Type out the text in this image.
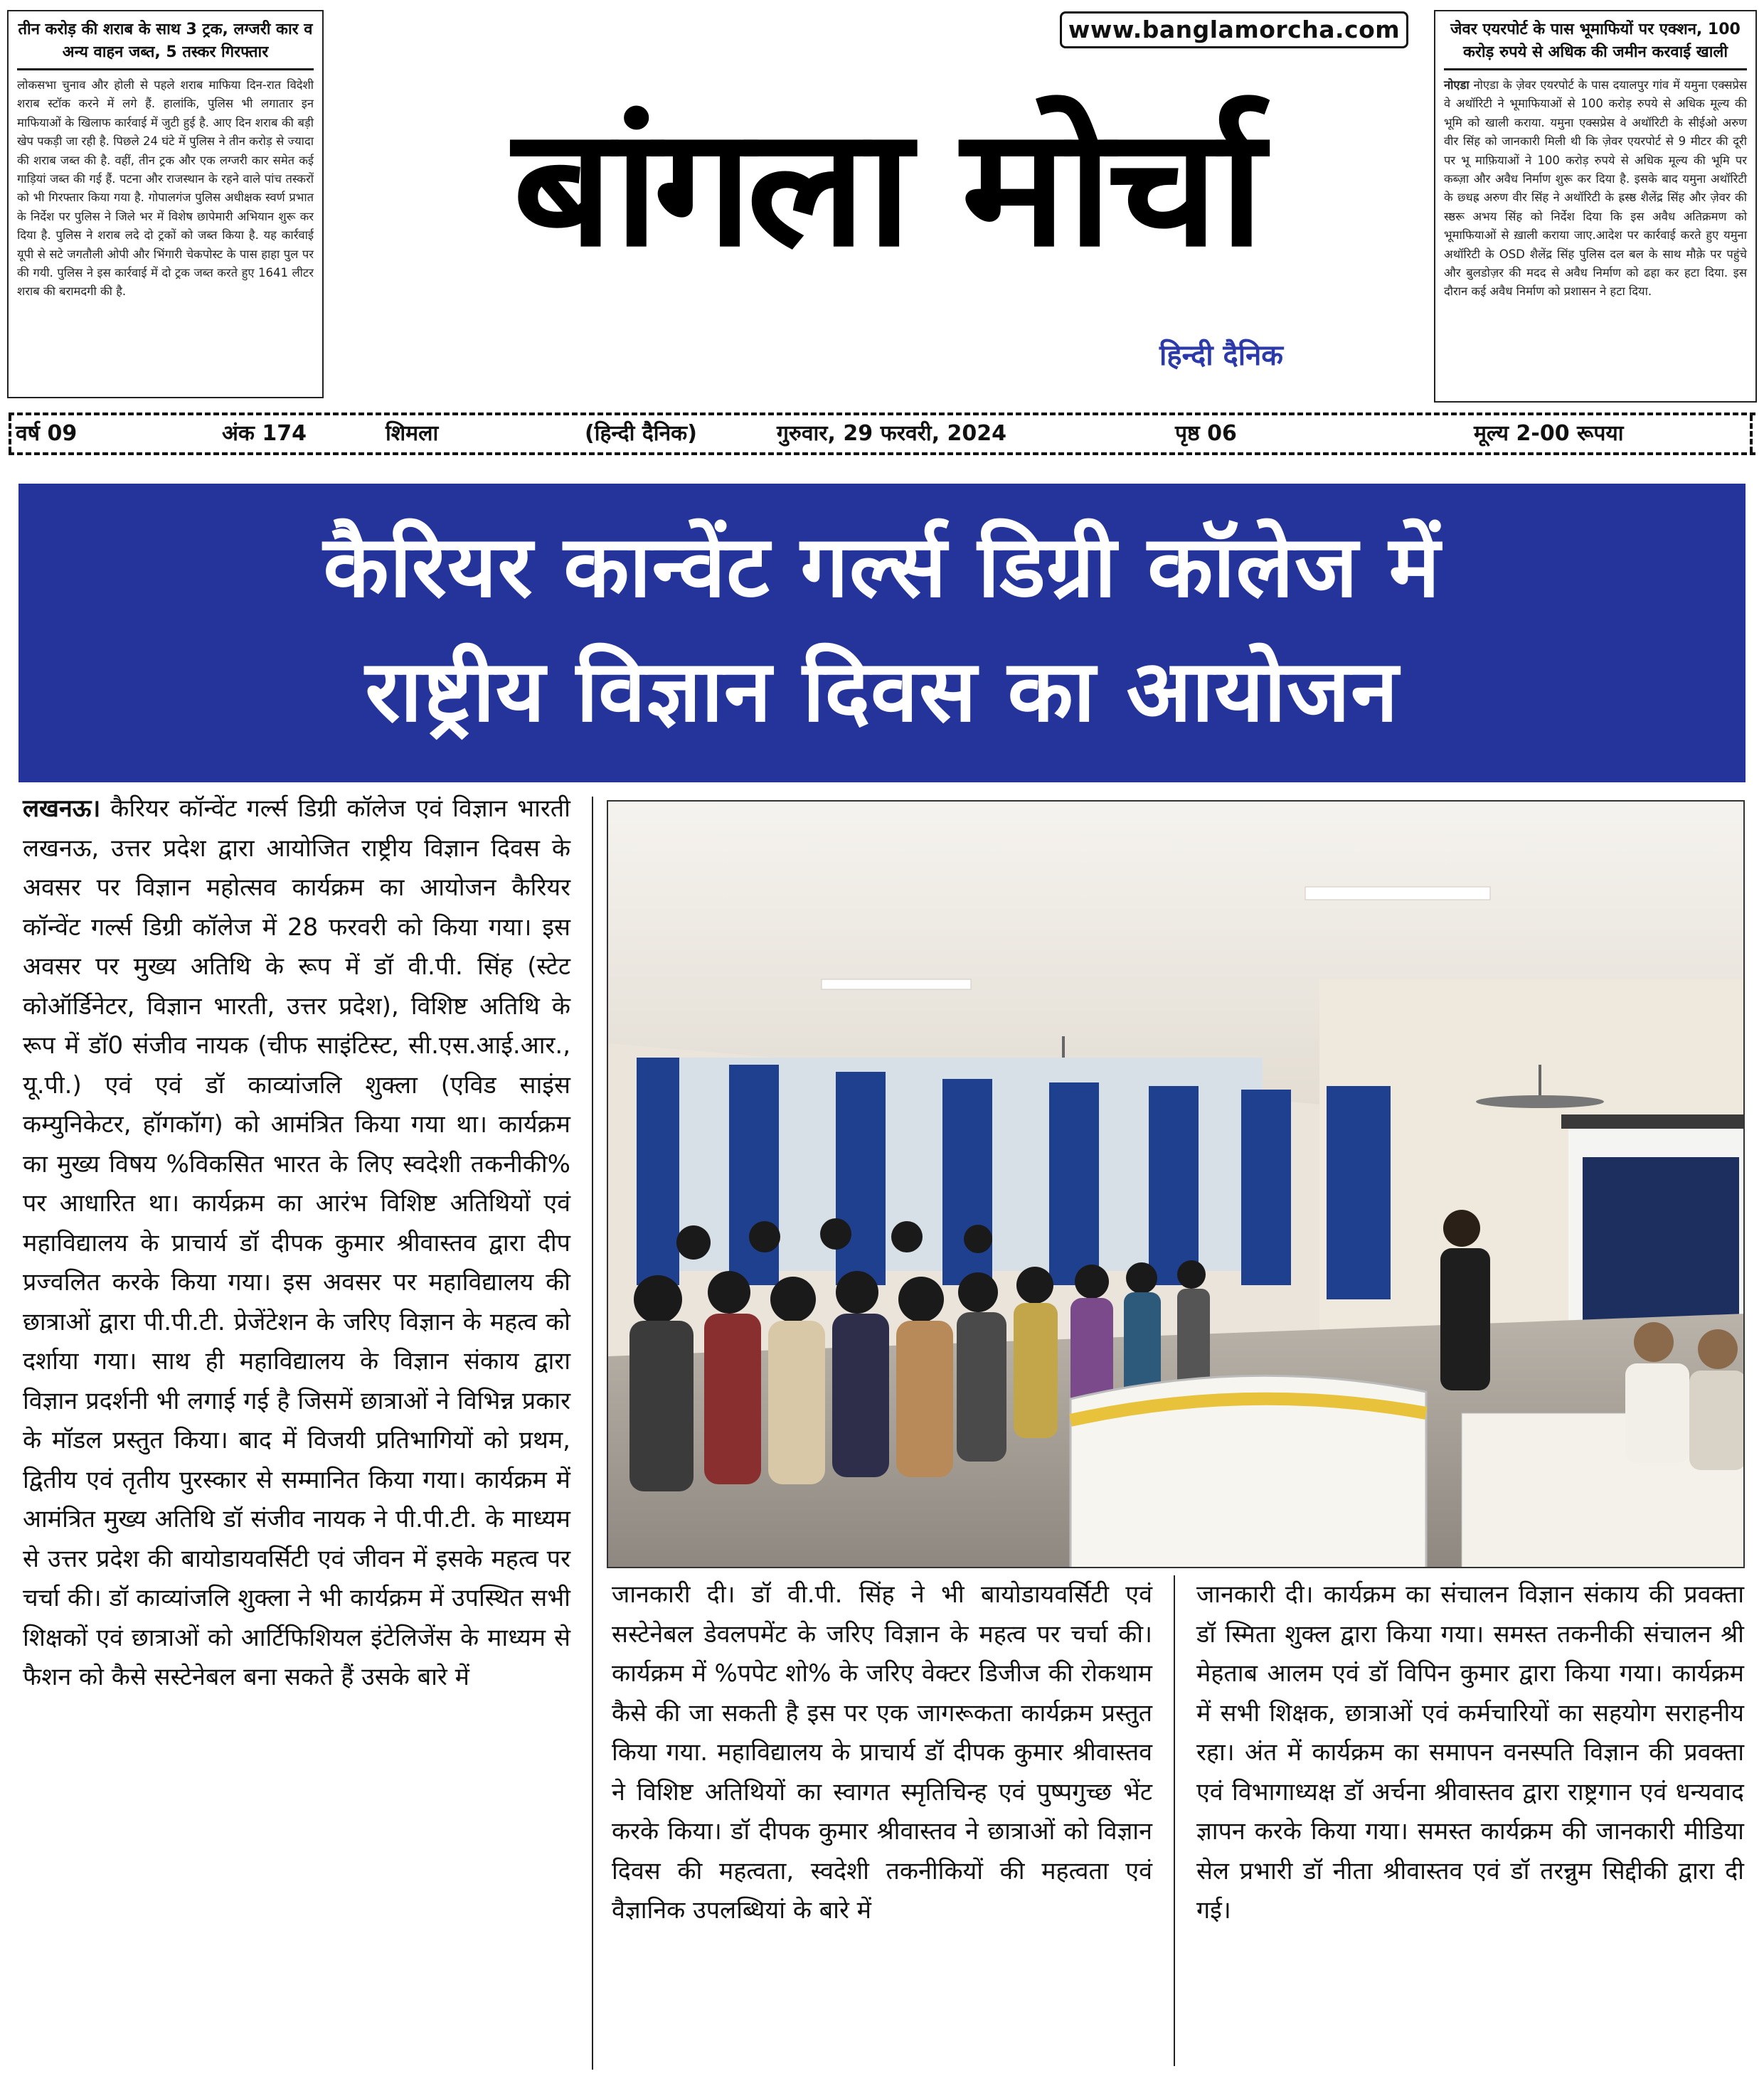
तीन करोड़ की शराब के साथ 3 ट्रक, लग्जरी कार व अन्य वाहन जब्त, 5 तस्कर गिरफ्तार
लोकसभा चुनाव और होली से पहले शराब माफिया दिन-रात विदेशी शराब स्टॉक करने में लगे हैं. हालांकि, पुलिस भी लगातार इन माफियाओं के खिलाफ कार्रवाई में जुटी हुई है. आए दिन शराब की बड़ी खेप पकड़ी जा रही है. पिछले 24 घंटे में पुलिस ने तीन करोड़ से ज्यादा की शराब जब्त की है. वहीं, तीन ट्रक और एक लग्जरी कार समेत कई गाड़ियां जब्त की गई हैं. पटना और राजस्थान के रहने वाले पांच तस्करों को भी गिरफ्तार किया गया है. गोपालगंज पुलिस अधीक्षक स्वर्ण प्रभात के निर्देश पर पुलिस ने जिले भर में विशेष छापेमारी अभियान शुरू कर दिया है. पुलिस ने शराब लदे दो ट्रकों को जब्त किया है. यह कार्रवाई यूपी से सटे जगतौली ओपी और भिंगारी चेकपोस्ट के पास हाहा पुल पर की गयी. पुलिस ने इस कार्रवाई में दो ट्रक जब्त करते हुए 1641 लीटर शराब की बरामदगी की है.
www.banglamorcha.com
बांगला मोर्चा
हिन्दी दैनिक
जेवर एयरपोर्ट के पास भूमाफियों पर एक्शन, 100 करोड़ रुपये से अधिक की जमीन करवाई खाली
नोएडा नोएडा के ज़ेवर एयरपोर्ट के पास दयालपुर गांव में यमुना एक्सप्रेस वे अथॉरिटी ने भूमाफियाओं से 100 करोड़ रुपये से अधिक मूल्य की भूमि को खाली कराया. यमुना एक्सप्रेस वे अथॉरिटी के सीईओ अरुण वीर सिंह को जानकारी मिली थी कि ज़ेवर एयरपोर्ट से 9 मीटर की दूरी पर भू माफ़ियाओं ने 100 करोड़ रुपये से अधिक मूल्य की भूमि पर कब्ज़ा और अवैध निर्माण शुरू कर दिया है. इसके बाद यमुना अथॉरिटी के छ्धह्र अरुण वीर सिंह ने अथॉरिटी के ह्रस्ष्ठ शैलेंद्र सिंह और ज़ेवर की स्ष्ठरू अभय सिंह को निर्देश दिया कि इस अवैध अतिक्रमण को भूमाफियाओं से ख़ाली कराया जाए.आदेश पर कार्रवाई करते हुए यमुना अथॉरिटी के OSD शैलेंद्र सिंह पुलिस दल बल के साथ मौक़े पर पहुंचे और बुलडोज़र की मदद से अवैध निर्माण को ढहा कर हटा दिया. इस दौरान कई अवैध निर्माण को प्रशासन ने हटा दिया.
वर्ष 09	अंक 174	शिमला	(हिन्दी दैनिक)	गुरुवार, 29 फरवरी, 2024	पृष्ठ 06	मूल्य 2-00 रूपया
कैरियर कान्वेंट गर्ल्स डिग्री कॉलेज में
राष्ट्रीय विज्ञान दिवस का आयोजन
लखनऊ। कैरियर कॉन्वेंट गर्ल्स डिग्री कॉलेज एवं विज्ञान भारती लखनऊ, उत्तर प्रदेश द्वारा आयोजित राष्ट्रीय विज्ञान दिवस के अवसर पर विज्ञान महोत्सव कार्यक्रम का आयोजन कैरियर कॉन्वेंट गर्ल्स डिग्री कॉलेज में 28 फरवरी को किया गया। इस अवसर पर मुख्य अतिथि के रूप में डॉ वी.पी. सिंह (स्टेट कोऑर्डिनेटर, विज्ञान भारती, उत्तर प्रदेश), विशिष्ट अतिथि के रूप में डॉ0 संजीव नायक (चीफ साइंटिस्ट, सी.एस.आई.आर., यू.पी.) एवं एवं डॉ काव्यांजलि शुक्ला (एविड साइंस कम्युनिकेटर, हॉगकॉग) को आमंत्रित किया गया था। कार्यक्रम का मुख्य विषय %विकसित भारत के लिए स्वदेशी तकनीकी% पर आधारित था। कार्यक्रम का आरंभ विशिष्ट अतिथियों एवं महाविद्यालय के प्राचार्य डॉ दीपक कुमार श्रीवास्तव द्वारा दीप प्रज्वलित करके किया गया। इस अवसर पर महाविद्यालय की छात्राओं द्वारा पी.पी.टी. प्रेजेंटेशन के जरिए विज्ञान के महत्व को दर्शाया गया। साथ ही महाविद्यालय के विज्ञान संकाय द्वारा विज्ञान प्रदर्शनी भी लगाई गई है जिसमें छात्राओं ने विभिन्न प्रकार के मॉडल प्रस्तुत किया। बाद में विजयी प्रतिभागियों को प्रथम, द्वितीय एवं तृतीय पुरस्कार से सम्मानित किया गया। कार्यक्रम में आमंत्रित मुख्य अतिथि डॉ संजीव नायक ने पी.पी.टी. के माध्यम से उत्तर प्रदेश की बायोडायवर्सिटी एवं जीवन में इसके महत्व पर चर्चा की। डॉ काव्यांजलि शुक्ला ने भी कार्यक्रम में उपस्थित सभी शिक्षकों एवं छात्राओं को आर्टिफिशियल इंटेलिजेंस के माध्यम से फैशन को कैसे सस्टेनेबल बना सकते हैं उसके बारे में
जानकारी दी। डॉ वी.पी. सिंह ने भी बायोडायवर्सिटी एवं सस्टेनेबल डेवलपमेंट के जरिए विज्ञान के महत्व पर चर्चा की। कार्यक्रम में %पपेट शो% के जरिए वेक्टर डिजीज की रोकथाम कैसे की जा सकती है इस पर एक जागरूकता कार्यक्रम प्रस्तुत किया गया. महाविद्यालय के प्राचार्य डॉ दीपक कुमार श्रीवास्तव ने विशिष्ट अतिथियों का स्वागत स्मृतिचिन्ह एवं पुष्पगुच्छ भेंट करके किया। डॉ दीपक कुमार श्रीवास्तव ने छात्राओं को विज्ञान दिवस की महत्वता, स्वदेशी तकनीकियों की महत्वता एवं वैज्ञानिक उपलब्धियां के बारे में
जानकारी दी। कार्यक्रम का संचालन विज्ञान संकाय की प्रवक्ता डॉ स्मिता शुक्ल द्वारा किया गया। समस्त तकनीकी संचालन श्री मेहताब आलम एवं डॉ विपिन कुमार द्वारा किया गया। कार्यक्रम में सभी शिक्षक, छात्राओं एवं कर्मचारियों का सहयोग सराहनीय रहा। अंत में कार्यक्रम का समापन वनस्पति विज्ञान की प्रवक्ता एवं विभागाध्यक्ष डॉ अर्चना श्रीवास्तव द्वारा राष्ट्रगान एवं धन्यवाद ज्ञापन करके किया गया। समस्त कार्यक्रम की जानकारी मीडिया सेल प्रभारी डॉ नीता श्रीवास्तव एवं डॉ तरन्नुम सिद्दीकी द्वारा दी गई।
